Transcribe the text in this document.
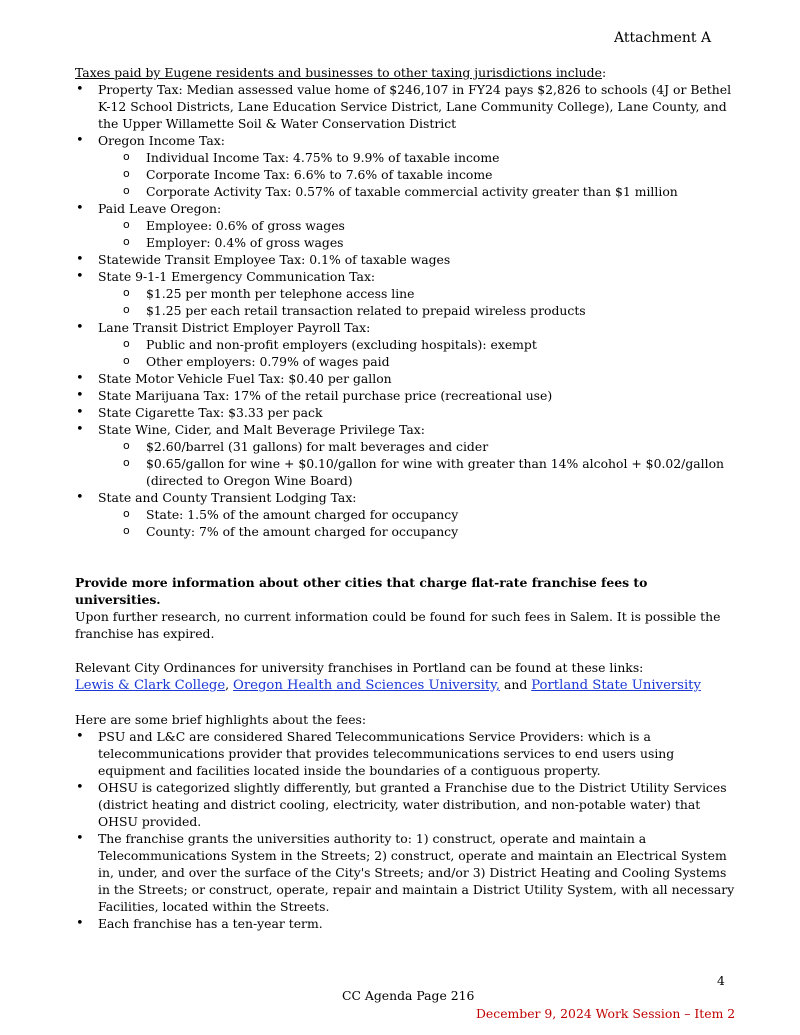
Attachment A
Taxes paid by Eugene residents and businesses to other taxing jurisdictions include:
• Property Tax: Median assessed value home of $246,107 in FY24 pays $2,826 to schools (4J or Bethel K-12 School Districts, Lane Education Service District, Lane Community College), Lane County, and the Upper Willamette Soil & Water Conservation District
• Oregon Income Tax:
o Individual Income Tax: 4.75% to 9.9% of taxable income
o Corporate Income Tax: 6.6% to 7.6% of taxable income
o Corporate Activity Tax: 0.57% of taxable commercial activity greater than $1 million
• Paid Leave Oregon:
o Employee: 0.6% of gross wages
o Employer: 0.4% of gross wages
• Statewide Transit Employee Tax: 0.1% of taxable wages
• State 9-1-1 Emergency Communication Tax:
o $1.25 per month per telephone access line
o $1.25 per each retail transaction related to prepaid wireless products
• Lane Transit District Employer Payroll Tax:
o Public and non-profit employers (excluding hospitals): exempt
o Other employers: 0.79% of wages paid
• State Motor Vehicle Fuel Tax: $0.40 per gallon
• State Marijuana Tax: 17% of the retail purchase price (recreational use)
• State Cigarette Tax: $3.33 per pack
• State Wine, Cider, and Malt Beverage Privilege Tax:
o $2.60/barrel (31 gallons) for malt beverages and cider
o $0.65/gallon for wine + $0.10/gallon for wine with greater than 14% alcohol + $0.02/gallon (directed to Oregon Wine Board)
• State and County Transient Lodging Tax:
o State: 1.5% of the amount charged for occupancy
o County: 7% of the amount charged for occupancy
Provide more information about other cities that charge flat-rate franchise fees to universities.
Upon further research, no current information could be found for such fees in Salem. It is possible the franchise has expired.
Relevant City Ordinances for university franchises in Portland can be found at these links:
Lewis & Clark College, Oregon Health and Sciences University, and Portland State University
Here are some brief highlights about the fees:
• PSU and L&C are considered Shared Telecommunications Service Providers: which is a telecommunications provider that provides telecommunications services to end users using equipment and facilities located inside the boundaries of a contiguous property.
• OHSU is categorized slightly differently, but granted a Franchise due to the District Utility Services (district heating and district cooling, electricity, water distribution, and non-potable water) that OHSU provided.
• The franchise grants the universities authority to: 1) construct, operate and maintain a Telecommunications System in the Streets; 2) construct, operate and maintain an Electrical System in, under, and over the surface of the City's Streets; and/or 3) District Heating and Cooling Systems in the Streets; or construct, operate, repair and maintain a District Utility System, with all necessary Facilities, located within the Streets.
• Each franchise has a ten-year term.
4
CC Agenda Page 216
December 9, 2024 Work Session – Item 2
